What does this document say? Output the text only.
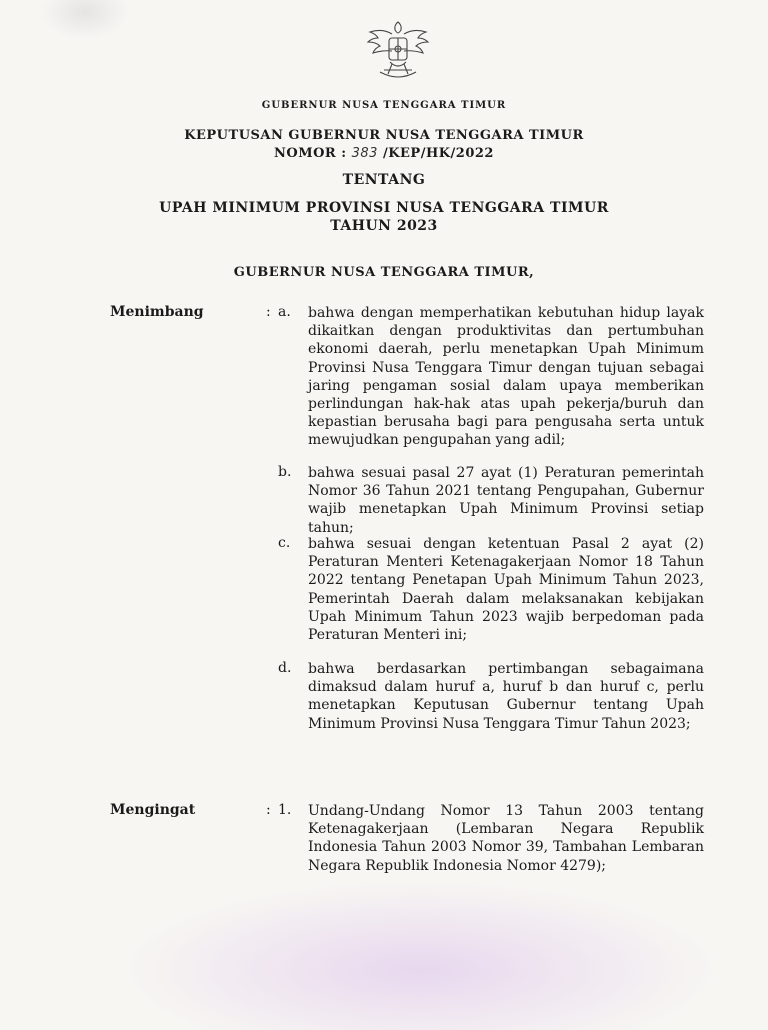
GUBERNUR NUSA TENGGARA TIMUR
KEPUTUSAN GUBERNUR NUSA TENGGARA TIMUR
NOMOR : 383 /KEP/HK/2022
TENTANG
UPAH MINIMUM PROVINSI NUSA TENGGARA TIMUR
TAHUN 2023
GUBERNUR NUSA TENGGARA TIMUR,
Menimbang	: a.	bahwa dengan memperhatikan kebutuhan hidup layak dikaitkan dengan produktivitas dan pertumbuhan ekonomi daerah, perlu menetapkan Upah Minimum Provinsi Nusa Tenggara Timur dengan tujuan sebagai jaring pengaman sosial dalam upaya memberikan perlindungan hak-hak atas upah pekerja/buruh dan kepastian berusaha bagi para pengusaha serta untuk mewujudkan pengupahan yang adil;
b.	bahwa sesuai pasal 27 ayat (1) Peraturan pemerintah Nomor 36 Tahun 2021 tentang Pengupahan, Gubernur wajib menetapkan Upah Minimum Provinsi setiap tahun;
c.	bahwa sesuai dengan ketentuan Pasal 2 ayat (2) Peraturan Menteri Ketenagakerjaan Nomor 18 Tahun 2022 tentang Penetapan Upah Minimum Tahun 2023, Pemerintah Daerah dalam melaksanakan kebijakan Upah Minimum Tahun 2023 wajib berpedoman pada Peraturan Menteri ini;
d.	bahwa berdasarkan pertimbangan sebagaimana dimaksud dalam huruf a, huruf b dan huruf c, perlu menetapkan Keputusan Gubernur tentang Upah Minimum Provinsi Nusa Tenggara Timur Tahun 2023;
Mengingat	: 1.	Undang-Undang Nomor 13 Tahun 2003 tentang Ketenagakerjaan (Lembaran Negara Republik Indonesia Tahun 2003 Nomor 39, Tambahan Lembaran Negara Republik Indonesia Nomor 4279);
